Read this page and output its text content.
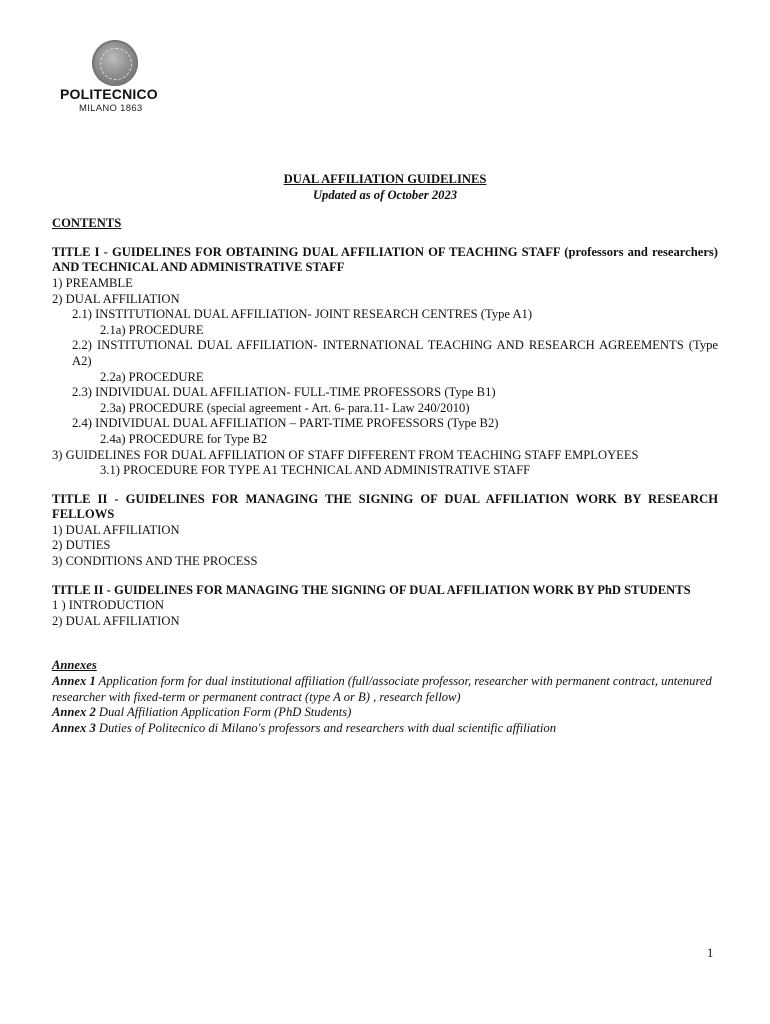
POLITECNICO
MILANO 1863
DUAL AFFILIATION GUIDELINES
Updated as of October 2023
CONTENTS
TITLE I - GUIDELINES FOR OBTAINING DUAL AFFILIATION OF TEACHING STAFF (professors and researchers) AND TECHNICAL AND ADMINISTRATIVE STAFF
1) PREAMBLE
2) DUAL AFFILIATION
2.1) INSTITUTIONAL DUAL AFFILIATION- JOINT RESEARCH CENTRES (Type A1)
2.1a) PROCEDURE
2.2) INSTITUTIONAL DUAL AFFILIATION- INTERNATIONAL TEACHING AND RESEARCH AGREEMENTS (Type A2)
2.2a) PROCEDURE
2.3) INDIVIDUAL DUAL AFFILIATION- FULL-TIME PROFESSORS (Type B1)
2.3a) PROCEDURE (special agreement - Art. 6- para.11- Law 240/2010)
2.4) INDIVIDUAL DUAL AFFILIATION – PART-TIME PROFESSORS (Type B2)
2.4a) PROCEDURE for Type B2
3) GUIDELINES FOR DUAL AFFILIATION OF STAFF DIFFERENT FROM TEACHING STAFF EMPLOYEES
3.1) PROCEDURE FOR TYPE A1 TECHNICAL AND ADMINISTRATIVE STAFF
TITLE II - GUIDELINES FOR MANAGING THE SIGNING OF DUAL AFFILIATION WORK BY RESEARCH FELLOWS
1) DUAL AFFILIATION
2) DUTIES
3) CONDITIONS AND THE PROCESS
TITLE II - GUIDELINES FOR MANAGING THE SIGNING OF DUAL AFFILIATION WORK BY PhD STUDENTS
1 ) INTRODUCTION
2) DUAL AFFILIATION
Annexes
Annex 1 Application form for dual institutional affiliation (full/associate professor, researcher with permanent contract, untenured researcher with fixed-term or permanent contract (type A or B) , research fellow)
Annex 2 Dual Affiliation Application Form (PhD Students)
Annex 3 Duties of Politecnico di Milano's professors and researchers with dual scientific affiliation
1
